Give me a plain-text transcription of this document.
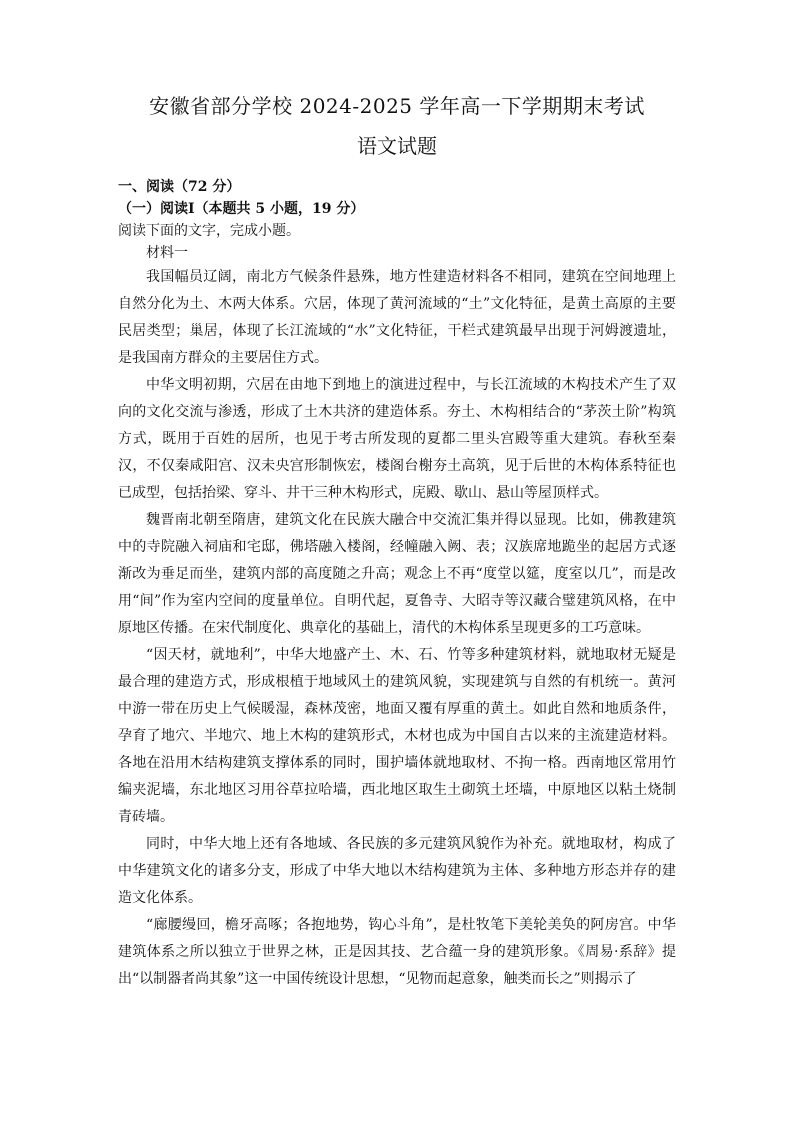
安徽省部分学校 2024-2025 学年高一下学期期末考试
语文试题
一、阅读（72 分）
（一）阅读Ⅰ（本题共 5 小题，19 分）
阅读下面的文字，完成小题。
材料一

我国幅员辽阔，南北方气候条件悬殊，地方性建造材料各不相同，建筑在空间地理上自然分化为土、木两大体系。穴居，体现了黄河流域的“土”文化特征，是黄土高原的主要民居类型；巢居，体现了长江流域的“水”文化特征，干栏式建筑最早出现于河姆渡遗址，是我国南方群众的主要居住方式。

中华文明初期，穴居在由地下到地上的演进过程中，与长江流域的木构技术产生了双向的文化交流与渗透，形成了土木共济的建造体系。夯土、木构相结合的“茅茨土阶”构筑方式，既用于百姓的居所，也见于考古所发现的夏都二里头宫殿等重大建筑。春秋至秦汉，不仅秦咸阳宫、汉未央宫形制恢宏，楼阁台榭夯土高筑，见于后世的木构体系特征也已成型，包括抬梁、穿斗、井干三种木构形式，庑殿、歇山、悬山等屋顶样式。

魏晋南北朝至隋唐，建筑文化在民族大融合中交流汇集并得以显现。比如，佛教建筑中的寺院融入祠庙和宅邸，佛塔融入楼阁，经幢融入阙、表；汉族席地跪坐的起居方式逐渐改为垂足而坐，建筑内部的高度随之升高；观念上不再“度堂以筵，度室以几”，而是改用“间”作为室内空间的度量单位。自明代起，夏鲁寺、大昭寺等汉藏合璧建筑风格，在中原地区传播。在宋代制度化、典章化的基础上，清代的木构体系呈现更多的工巧意味。

“因天材，就地利”，中华大地盛产土、木、石、竹等多种建筑材料，就地取材无疑是最合理的建造方式，形成根植于地域风土的建筑风貌，实现建筑与自然的有机统一。黄河中游一带在历史上气候暖湿，森林茂密，地面又覆有厚重的黄土。如此自然和地质条件，孕育了地穴、半地穴、地上木构的建筑形式，木材也成为中国自古以来的主流建造材料。各地在沿用木结构建筑支撑体系的同时，围护墙体就地取材、不拘一格。西南地区常用竹编夹泥墙，东北地区习用谷草拉哈墙，西北地区取生土砌筑土坯墙，中原地区以粘土烧制青砖墙。

同时，中华大地上还有各地域、各民族的多元建筑风貌作为补充。就地取材，构成了中华建筑文化的诸多分支，形成了中华大地以木结构建筑为主体、多种地方形态并存的建造文化体系。

“廊腰缦回，檐牙高啄；各抱地势，钩心斗角”，是杜牧笔下美轮美奂的阿房宫。中华建筑体系之所以独立于世界之林，正是因其技、艺合蕴一身的建筑形象。《周易·系辞》提出“以制器者尚其象”这一中国传统设计思想，“见物而起意象，触类而长之”则揭示了
